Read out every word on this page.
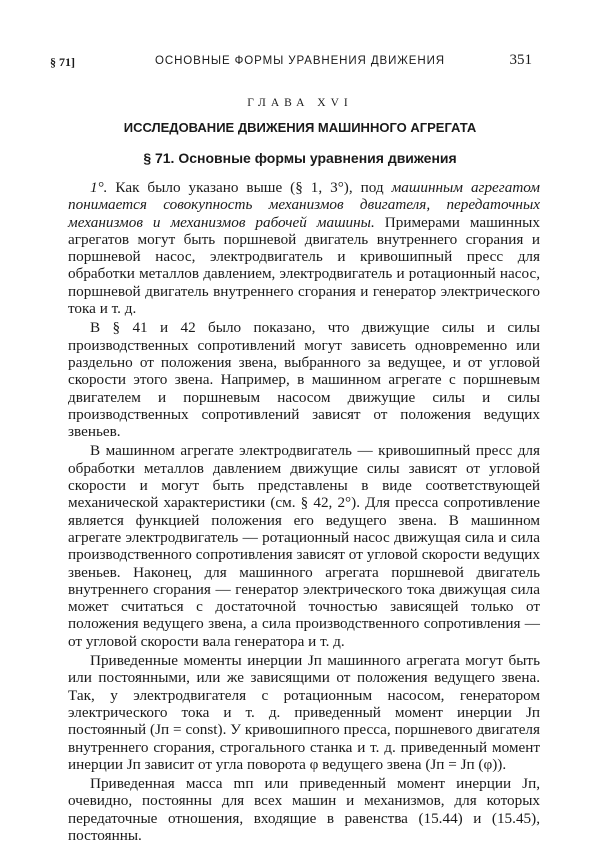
§ 71]	ОСНОВНЫЕ ФОРМЫ УРАВНЕНИЯ ДВИЖЕНИЯ	351
ГЛАВА XVI
ИССЛЕДОВАНИЕ ДВИЖЕНИЯ МАШИННОГО АГРЕГАТА
§ 71. Основные формы уравнения движения

1°. Как было указано выше (§ 1, 3°), под машинным агрегатом понимается совокупность механизмов двигателя, передаточных механизмов и механизмов рабочей машины. Примерами машинных агрегатов могут быть поршневой двигатель внутреннего сгорания и поршневой насос, электродвигатель и кривошипный пресс для обработки металлов давлением, электродвигатель и ротационный насос, поршневой двигатель внутреннего сгорания и генератор электрического тока и т. д.

В § 41 и 42 было показано, что движущие силы и силы производственных сопротивлений могут зависеть одновременно или раздельно от положения звена, выбранного за ведущее, и от угловой скорости этого звена. Например, в машинном агрегате с поршневым двигателем и поршневым насосом движущие силы и силы производственных сопротивлений зависят от положения ведущих звеньев.

В машинном агрегате электродвигатель — кривошипный пресс для обработки металлов давлением движущие силы зависят от угловой скорости и могут быть представлены в виде соответствующей механической характеристики (см. § 42, 2°). Для пресса сопротивление является функцией положения его ведущего звена. В машинном агрегате электродвигатель — ротационный насос движущая сила и сила производственного сопротивления зависят от угловой скорости ведущих звеньев. Наконец, для машинного агрегата поршневой двигатель внутреннего сгорания — генератор электрического тока движущая сила может считаться с достаточной точностью зависящей только от положения ведущего звена, а сила производственного сопротивления — от угловой скорости вала генератора и т. д.

Приведенные моменты инерции Jп машинного агрегата могут быть или постоянными, или же зависящими от положения ведущего звена. Так, у электродвигателя с ротационным насосом, генератором электрического тока и т. д. приведенный момент инерции Jп постоянный (Jп = const). У кривошипного пресса, поршневого двигателя внутреннего сгорания, строгального станка и т. д. приведенный момент инерции Jп зависит от угла поворота φ ведущего звена (Jп = Jп (φ)).

Приведенная масса mп или приведенный момент инерции Jп, очевидно, постоянны для всех машин и механизмов, для которых передаточные отношения, входящие в равенства (15.44) и (15.45), постоянны.
